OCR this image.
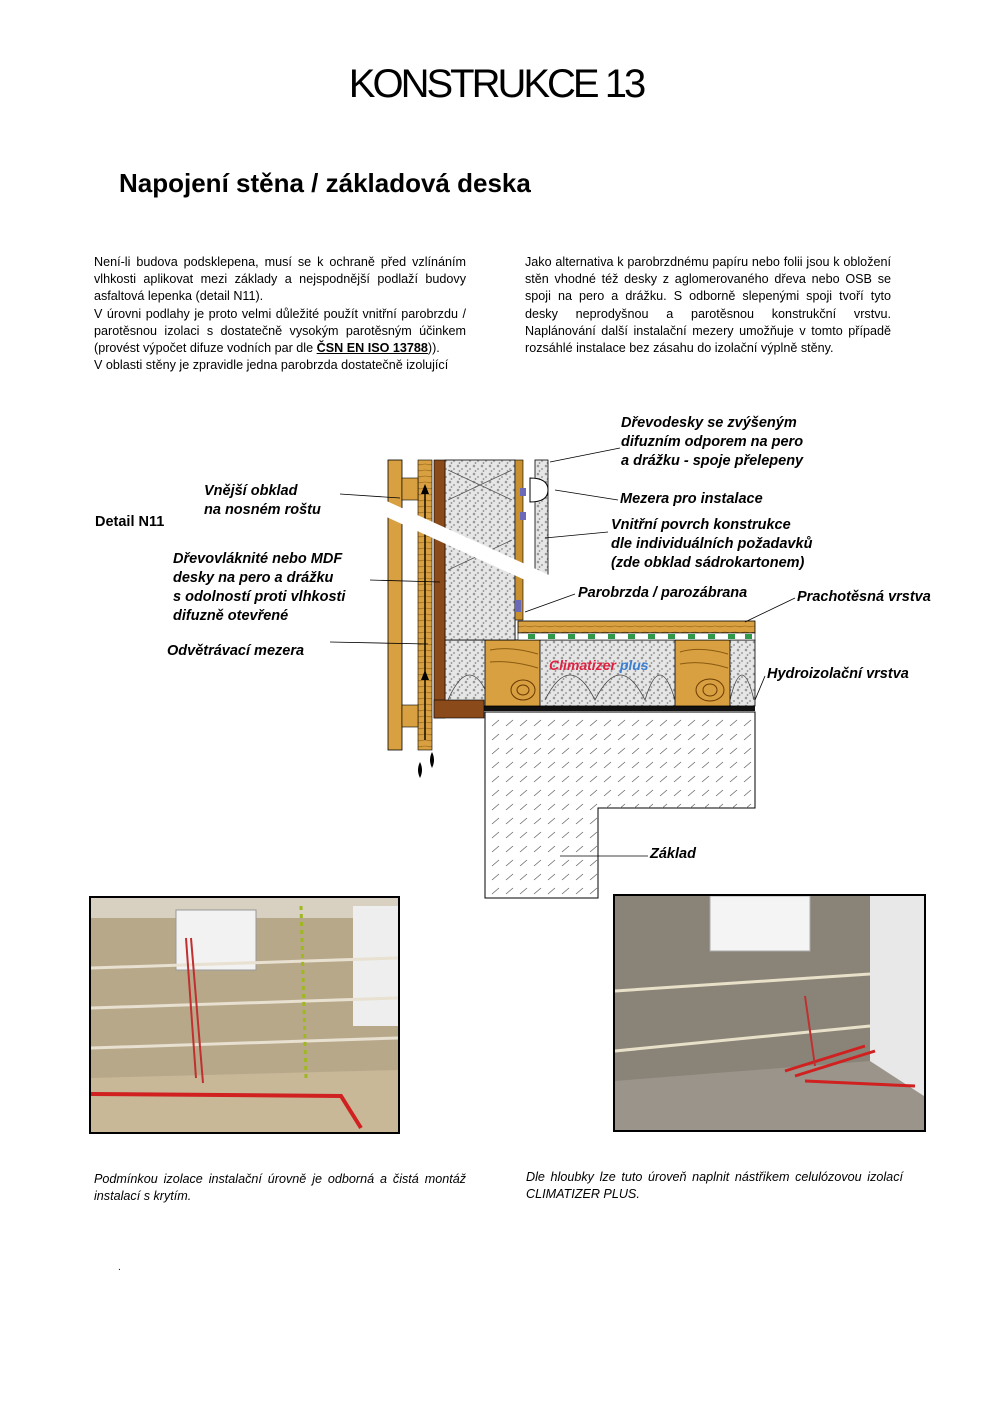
KONSTRUKCE 13
Napojení stěna / základová deska
Není-li budova podsklepena, musí se k ochraně před vzlínáním vlhkosti aplikovat mezi základy a nejspodnější podlaží budovy asfaltová lepenka (detail N11).
V úrovni podlahy je proto velmi důležité použít vnitřní parobrzdu / parotěsnou izolaci s dostatečně vysokým parotěsným účinkem (provést výpočet difuze vodních par dle ČSN EN ISO 13788)).
V oblasti stěny je zpravidle jedna parobrzda dostatečně izolující
Jako alternativa k parobrzdnému papíru nebo folii jsou k obložení stěn vhodné též desky z aglomerovaného dřeva nebo OSB se spoji na pero a drážku. S odborně slepenými spoji tvoří tyto desky neprodyšnou a parotěsnou konstrukční vrstvu. Naplánování další instalační mezery umožňuje v tomto případě rozsáhlé instalace bez zásahu do izolační výplně stěny.
Detail N11
Dřevodesky se zvýšeným
difuzním odporem na pero
a drážku - spoje přelepeny
Mezera pro instalace
Vnitřní povrch konstrukce
dle individuálních požadavků
(zde obklad sádrokartonem)
Vnější obklad
na nosném roštu
Dřevovláknité nebo MDF
desky na pero a drážku
s odolností proti vlhkosti
difuzně otevřené
Odvětrávací mezera
Parobrzda / parozábrana	Prachotěsná vrstva
Hydroizolační vrstva
Základ
Climatizer plus
Podmínkou izolace instalační úrovně je odborná a čistá montáž instalací s krytím.
Dle hloubky lze tuto úroveň naplnit nástřikem celulózovou izolací CLIMATIZER PLUS.
.
